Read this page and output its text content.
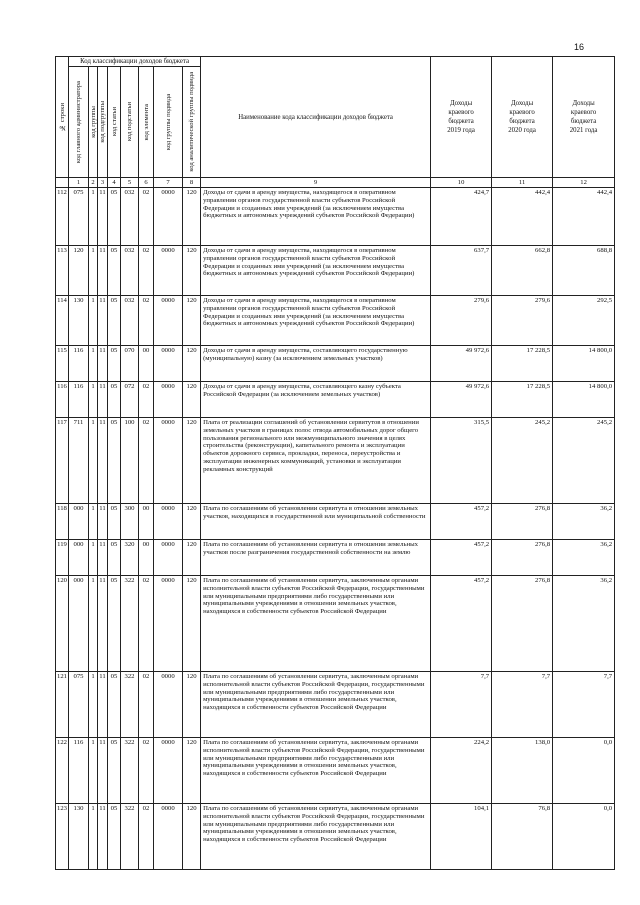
16
№ строки	Код классификации доходов бюджета								Наименование кода классификации доходов бюджета	Доходы
краевого
бюджета
2019 года	Доходы
краевого
бюджета
2020 года	Доходы
краевого
бюджета
2021 года

	код главного администратора	код группы	код подгруппы	код статьи	код подстатьи	код элемента	код группы подвида	код аналитической группы подвида				

	1	2	3	4	5	6	7	8	9	10	11	12
112	075	1	11	05	032	02	0000	120	Доходы от сдачи в аренду имущества, находящегося в оперативном управлении органов государственной власти субъектов Российской Федерации и созданных ими учреждений (за исключением имущества бюджетных и автономных учреждений субъектов Российской Федерации)	424,7	442,4	442,4
113	120	1	11	05	032	02	0000	120	Доходы от сдачи в аренду имущества, находящегося в оперативном управлении органов государственной власти субъектов Российской Федерации и созданных ими учреждений (за исключением имущества бюджетных и автономных учреждений субъектов Российской Федерации)	637,7	662,8	688,8
114	130	1	11	05	032	02	0000	120	Доходы от сдачи в аренду имущества, находящегося в оперативном управлении органов государственной власти субъектов Российской Федерации и созданных ими учреждений (за исключением имущества бюджетных и автономных учреждений субъектов Российской Федерации)	279,6	279,6	292,5
115	116	1	11	05	070	00	0000	120	Доходы от сдачи в аренду имущества, составляющего государственную (муниципальную) казну (за исключением земельных участков)	49 972,6	17 228,5	14 800,0
116	116	1	11	05	072	02	0000	120	Доходы от сдачи в аренду имущества, составляющего казну субъекта Российской Федерации (за исключением земельных участков)	49 972,6	17 228,5	14 800,0
117	711	1	11	05	100	02	0000	120	Плата от реализации соглашений об установлении сервитутов в отношении земельных участков в границах полос отвода автомобильных дорог общего пользования регионального или межмуниципального значения в целях строительства (реконструкции), капитального ремонта и эксплуатации объектов дорожного сервиса, прокладки, переноса, переустройства и эксплуатации инженерных коммуникаций, установки и эксплуатации рекламных конструкций	315,5	245,2	245,2
118	000	1	11	05	300	00	0000	120	Плата по соглашениям об установлении сервитута в отношении земельных участков, находящихся в государственной или муниципальной собственности	457,2	276,8	36,2
119	000	1	11	05	320	00	0000	120	Плата по соглашениям об установлении сервитута в отношении земельных участков после разграничения государственной собственности на землю	457,2	276,8	36,2
120	000	1	11	05	322	02	0000	120	Плата по соглашениям об установлении сервитута, заключенным органами исполнительной власти субъектов Российской Федерации, государственными или муниципальными предприятиями либо государственными или муниципальными учреждениями в отношении земельных участков, находящихся в собственности субъектов Российской Федерации	457,2	276,8	36,2
121	075	1	11	05	322	02	0000	120	Плата по соглашениям об установлении сервитута, заключенным органами исполнительной власти субъектов Российской Федерации, государственными или муниципальными предприятиями либо государственными или муниципальными учреждениями в отношении земельных участков, находящихся в собственности субъектов Российской Федерации	7,7	7,7	7,7
122	116	1	11	05	322	02	0000	120	Плата по соглашениям об установлении сервитута, заключенным органами исполнительной власти субъектов Российской Федерации, государственными или муниципальными предприятиями либо государственными или муниципальными учреждениями в отношении земельных участков, находящихся в собственности субъектов Российской Федерации	224,2	138,0	0,0
123	130	1	11	05	322	02	0000	120	Плата по соглашениям об установлении сервитута, заключенным органами исполнительной власти субъектов Российской Федерации, государственными или муниципальными предприятиями либо государственными или муниципальными учреждениями в отношении земельных участков, находящихся в собственности субъектов Российской Федерации	104,1	76,8	0,0
